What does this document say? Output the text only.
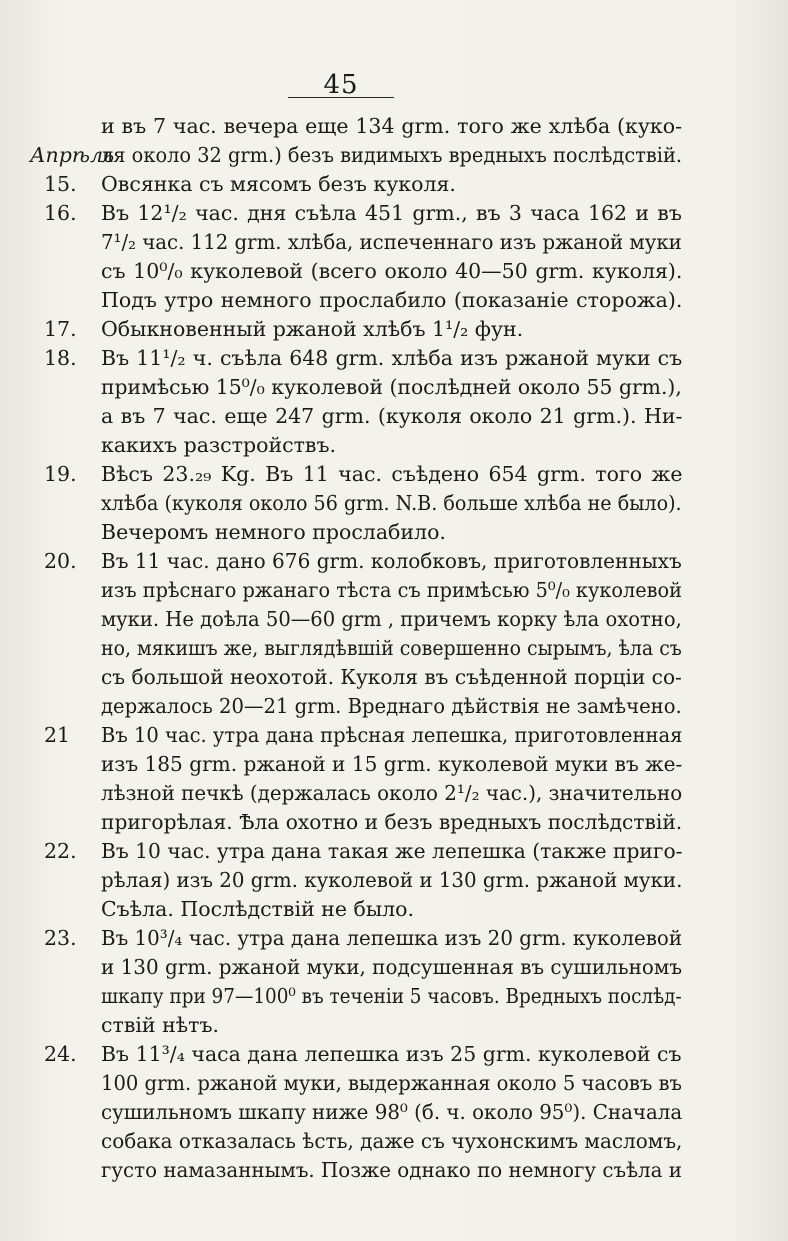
45
и въ 7 час. вечера еще 134 grm. того же хлѣба (куко-
Апрѣль
ля около 32 grm.) безъ видимыхъ вредныхъ послѣдствій.
15. Овсянка съ мясомъ безъ куколя.
16. Въ 12¹/₂ час. дня съѣла 451 grm., въ 3 часа 162 и въ
7¹/₂ час. 112 grm. хлѣба, испеченнаго изъ ржаной муки
съ 10⁰/₀ куколевой (всего около 40—50 grm. куколя).
Подъ утро немного прослабило (показанiе сторожа).
17. Обыкновенный ржаной хлѣбъ 1¹/₂ фун.
18. Въ 11¹/₂ ч. съѣла 648 grm. хлѣба изъ ржаной муки съ
примѣсью 15⁰/₀ куколевой (послѣдней около 55 grm.),
а въ 7 час. еще 247 grm. (куколя около 21 grm.). Ни-
какихъ разстройствъ.
19. Вѣсъ 23.₂₉ Kg. Въ 11 час. съѣдено 654 grm. того же
хлѣба (куколя около 56 grm. N.B. больше хлѣба не было).
Вечеромъ немного прослабило.
20. Въ 11 час. дано 676 grm. колобковъ, приготовленныхъ
изъ прѣснаго ржанаго тѣста съ примѣсью 5⁰/₀ куколевой
муки. Не доѣла 50—60 grm , причемъ корку ѣла охотно,
но, мякишъ же, выглядѣвшiй совершенно сырымъ, ѣла съ
съ большой неохотой. Куколя въ съѣденной порцiи со-
держалось 20—21 grm. Вреднаго дѣйствія не замѣчено.
21 Въ 10 час. утра дана прѣсная лепешка, приготовленная
изъ 185 grm. ржаной и 15 grm. куколевой муки въ же-
лѣзной печкѣ (держалась около 2¹/₂ час.), значительно
пригорѣлая. Ѣла охотно и безъ вредныхъ послѣдствій.
22. Въ 10 час. утра дана такая же лепешка (также приго-
рѣлая) изъ 20 grm. куколевой и 130 grm. ржаной муки.
Съѣла. Послѣдствій не было.
23. Въ 10³/₄ час. утра дана лепешка изъ 20 grm. куколевой
и 130 grm. ржаной муки, подсушенная въ сушильномъ
шкапу при 97—100⁰ въ теченiи 5 часовъ. Вредныхъ послѣд-
ствій нѣтъ.
24. Въ 11³/₄ часа дана лепешка изъ 25 grm. куколевой съ
100 grm. ржаной муки, выдержанная около 5 часовъ въ
сушильномъ шкапу ниже 98⁰ (б. ч. около 95⁰). Сначала
собака отказалась ѣсть, даже съ чухонскимъ масломъ,
густо намазаннымъ. Позже однако по немногу съѣла и
